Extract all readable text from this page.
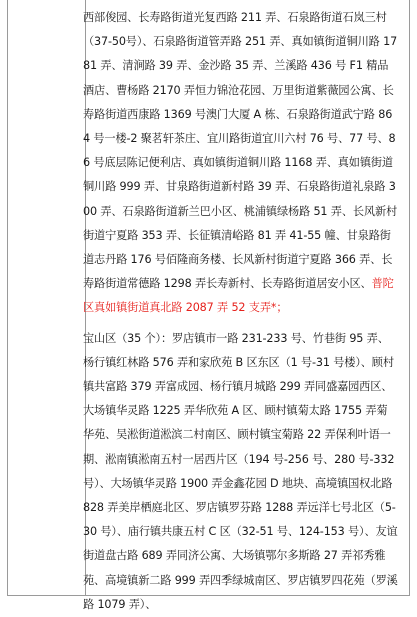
西部俊园、长寿路街道光复西路 211 弄、石泉路街道石岚三村（37-50号）、石泉路街道管弄路 251 弄、真如镇街道铜川路 1781 弄、清涧路 39 弄、金沙路 35 弄、兰溪路 436 号 F1 精品酒店、曹杨路 2170 弄恒力锦沧花园、万里街道紫薇园公寓、长寿路街道西康路 1369 号澳门大厦 A 栋、石泉路街道武宁路 864 号一楼-2 聚茗轩茶庄、宜川路街道宜川六村 76 号、77 号、86 号底层陈记便利店、真如镇街道铜川路 1168 弄、真如镇街道铜川路 999 弄、甘泉路街道新村路 39 弄、石泉路街道礼泉路 300 弄、石泉路街道新兰巴小区、桃浦镇绿杨路 51 弄、长风新村街道宁夏路 353 弄、长征镇清峪路 81 弄 41-55 幢、甘泉路街道志丹路 176 号佰隆商务楼、长风新村街道宁夏路 366 弄、长寿路街道常德路 1298 弄长寿新村、长寿路街道居安小区、普陀区真如镇街道真北路 2087 弄 52 支弄*；

宝山区（35 个）：罗店镇市一路 231-233 号、竹巷街 95 弄、杨行镇红林路 576 弄和家欣苑 B 区东区（1 号-31 号楼）、顾村镇共富路 379 弄富成园、杨行镇月城路 299 弄同盛嘉园西区、大场镇华灵路 1225 弄华欣苑 A 区、顾村镇菊太路 1755 弄菊华苑、吴淞街道淞滨二村南区、顾村镇宝菊路 22 弄保利叶语一期、淞南镇淞南五村一居西片区（194 号-256 号、280 号-332 号）、大场镇华灵路 1900 弄金鑫花园 D 地块、高境镇国权北路 828 弄美岸栖庭北区、罗店镇罗芬路 1288 弄远洋七号北区（5-30 号）、庙行镇共康五村 C 区（32-51 号、124-153 号）、友谊街道盘古路 689 弄同济公寓、大场镇鄂尔多斯路 27 弄祁秀雅苑、高境镇新二路 999 弄四季绿城南区、罗店镇罗四花苑（罗溪路 1079 弄）、
